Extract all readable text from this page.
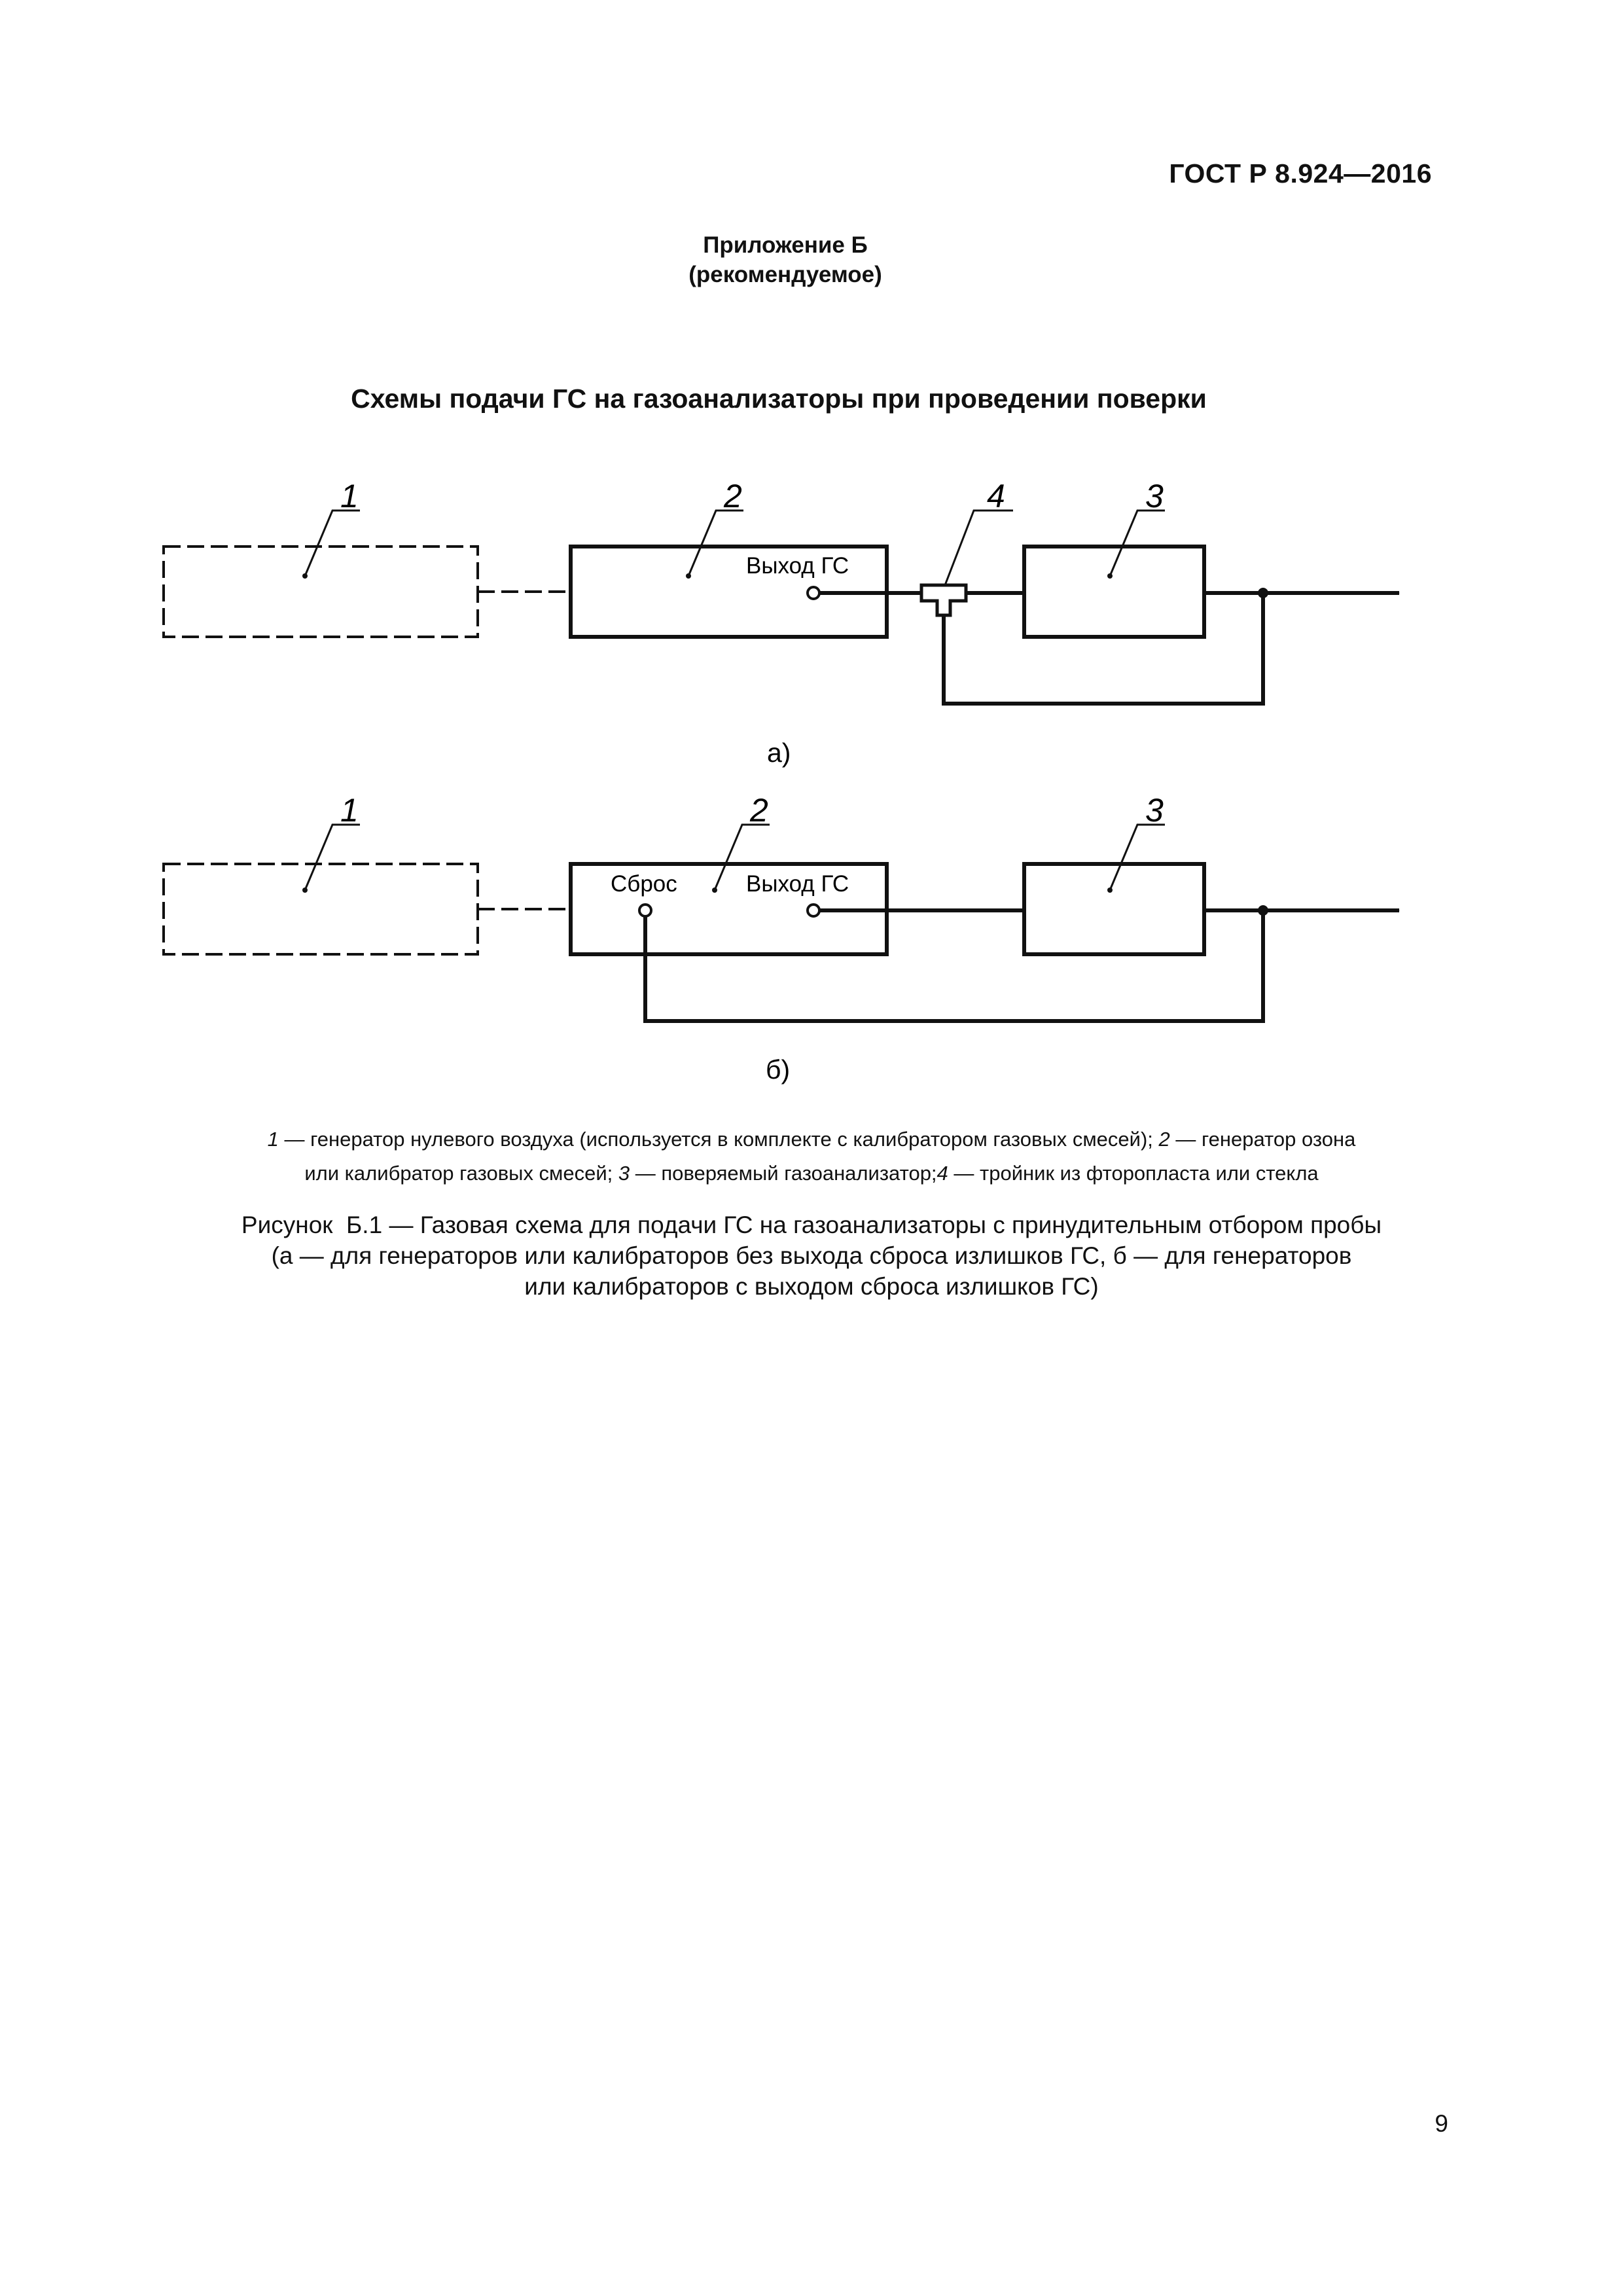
ГОСТ Р 8.924—2016
Приложение Б
(рекомендуемое)
Схемы подачи ГС на газоанализаторы при проведении поверки
1	2	4	3
Выход ГС
а)
1	2	3
Сброс	Выход ГС
б)
1 — генератор нулевого воздуха (используется в комплекте с калибратором газовых смесей); 2 — генератор озона
или калибратор газовых смесей; 3 — поверяемый газоанализатор;4 — тройник из фторопласта или стекла
Рисунок  Б.1 — Газовая схема для подачи ГС на газоанализаторы с принудительным отбором пробы
(а — для генераторов или калибраторов без выхода сброса излишков ГС, б — для генераторов
или калибраторов с выходом сброса излишков ГС)
9
